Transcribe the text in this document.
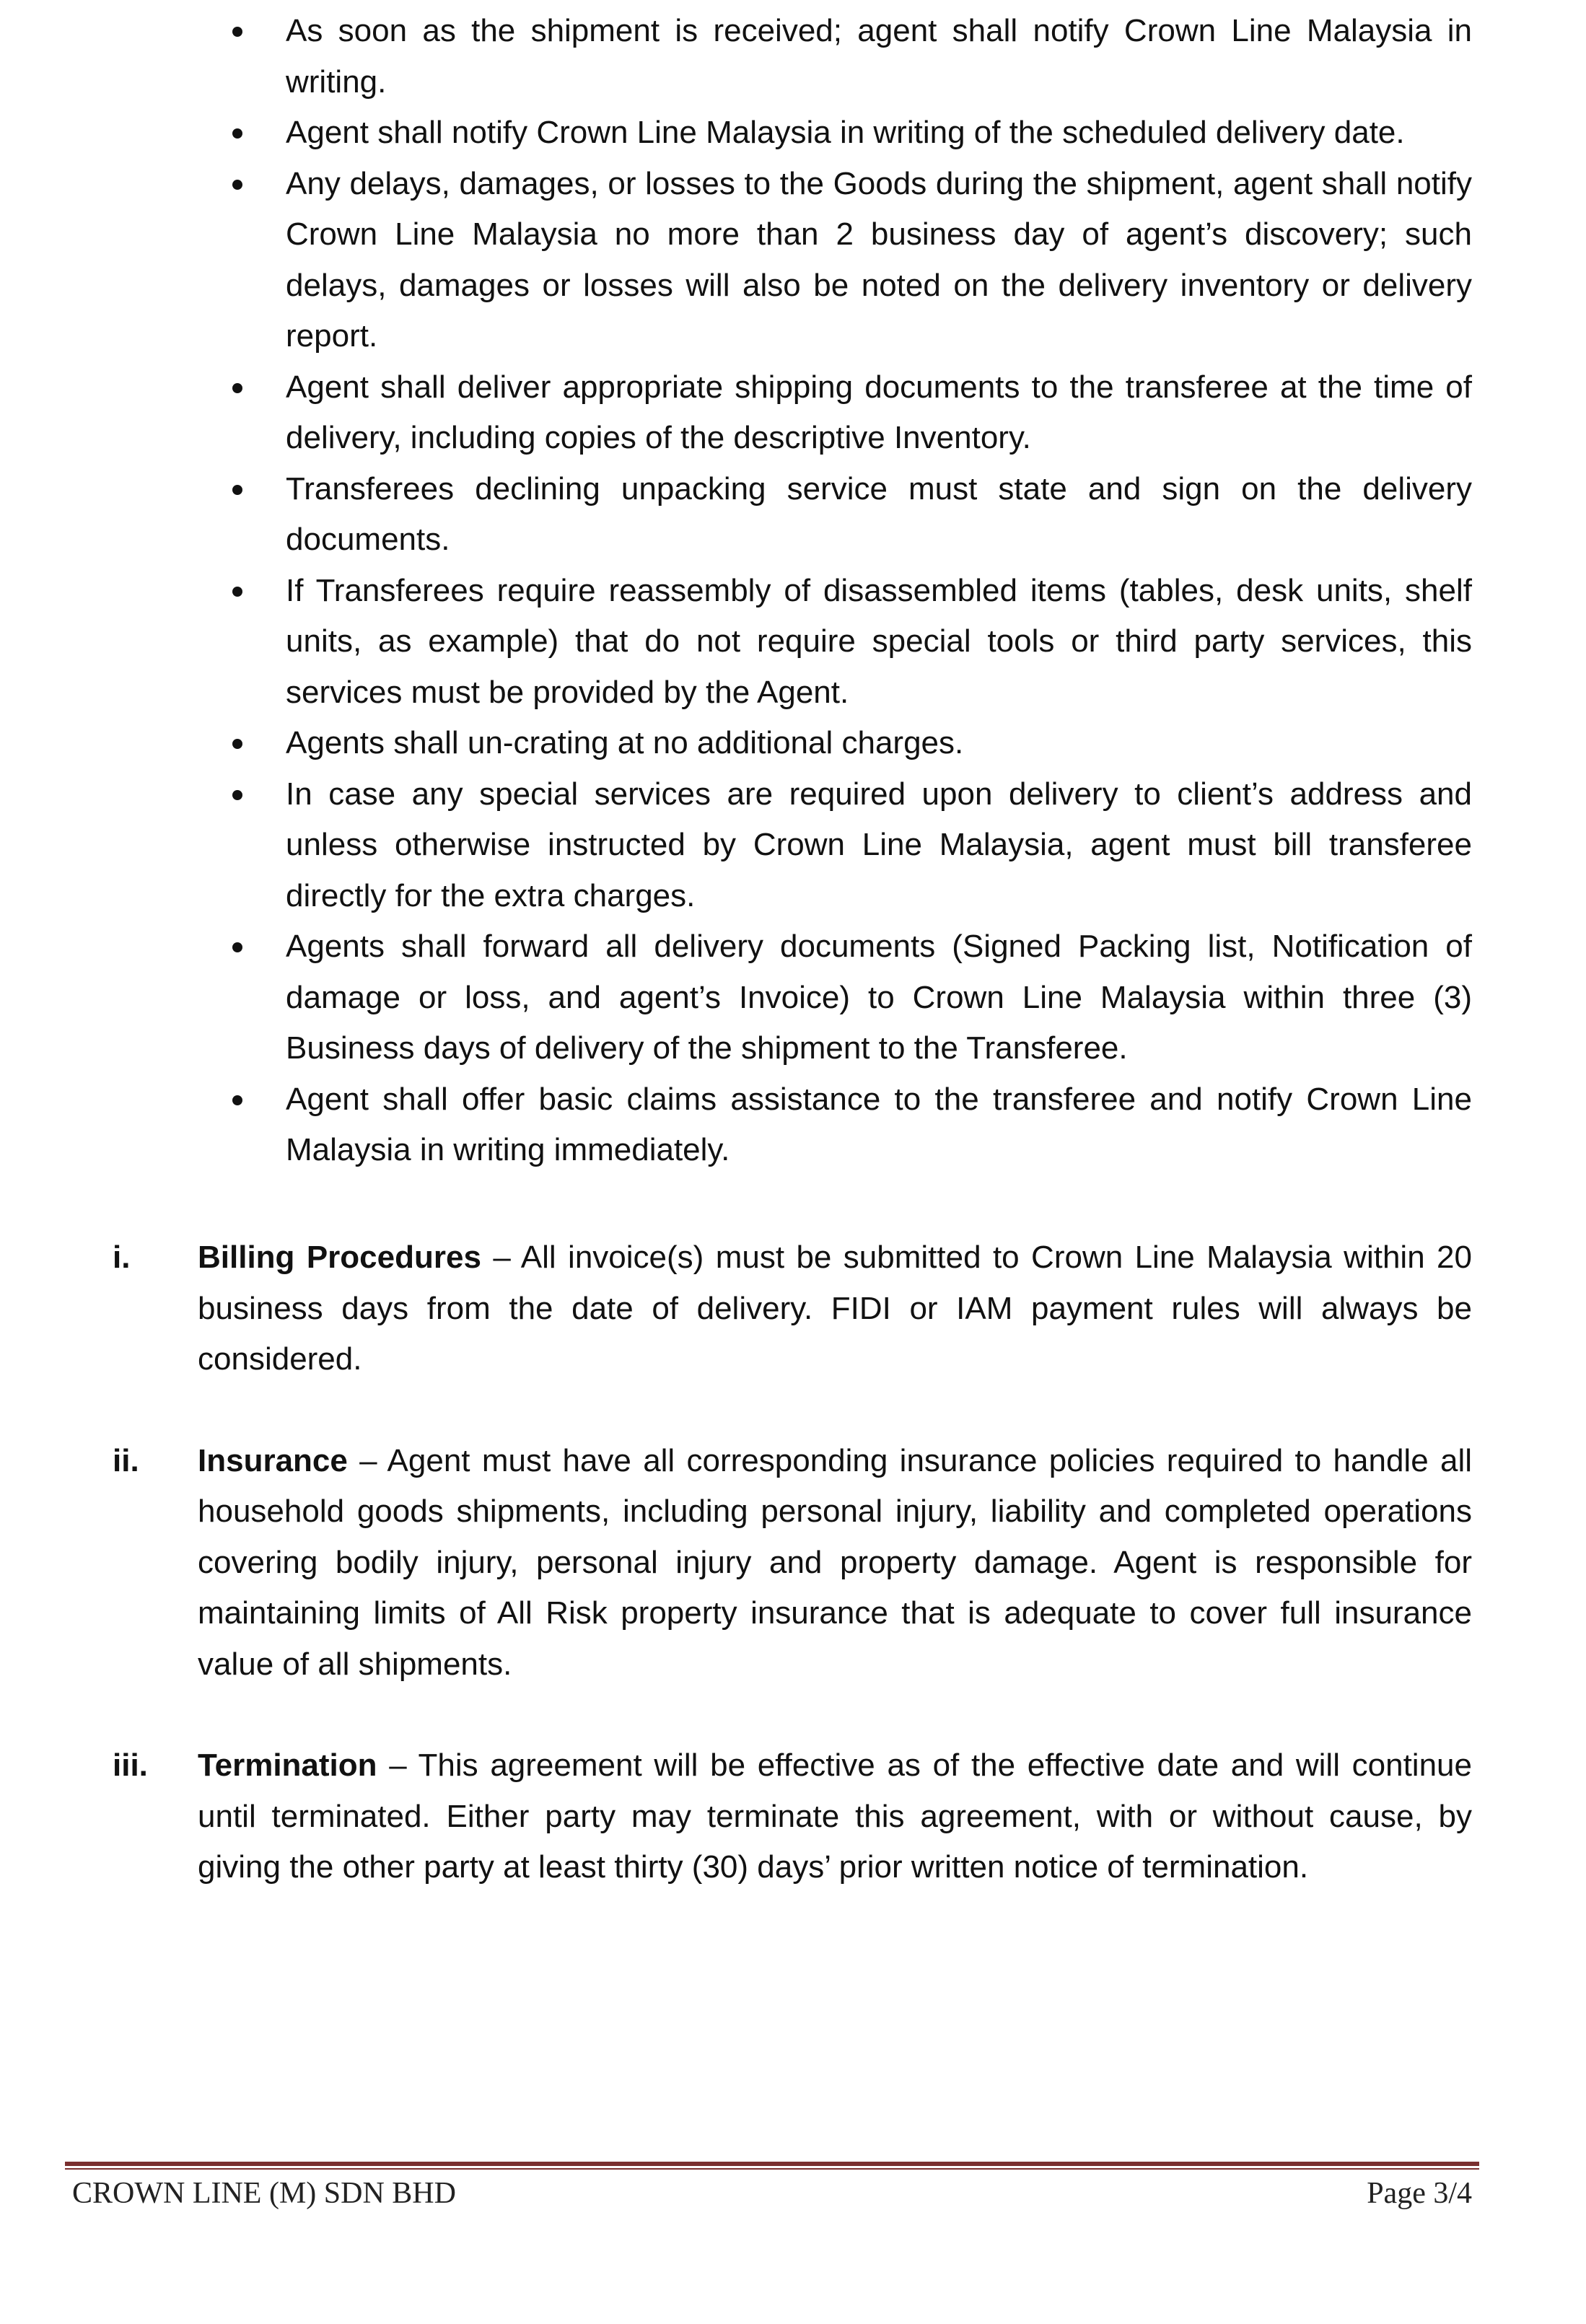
As soon as the shipment is received; agent shall notify Crown Line Malaysia in writing.
Agent shall notify Crown Line Malaysia in writing of the scheduled delivery date.
Any delays, damages, or losses to the Goods during the shipment, agent shall notify Crown Line Malaysia no more than 2 business day of agent’s discovery; such delays, damages or losses will also be noted on the delivery inventory or delivery report.
Agent shall deliver appropriate shipping documents to the transferee at the time of delivery, including copies of the descriptive Inventory.
Transferees declining unpacking service must state and sign on the delivery documents.
If Transferees require reassembly of disassembled items (tables, desk units, shelf units, as example) that do not require special tools or third party services, this services must be provided by the Agent.
Agents shall un-crating at no additional charges.
In case any special services are required upon delivery to client’s address and unless otherwise instructed by Crown Line Malaysia, agent must bill transferee directly for the extra charges.
Agents shall forward all delivery documents (Signed Packing list, Notification of damage or loss, and agent’s Invoice) to Crown Line Malaysia within three (3) Business days of delivery of the shipment to the Transferee.
Agent shall offer basic claims assistance to the transferee and notify Crown Line Malaysia in writing immediately.
i. Billing Procedures – All invoice(s) must be submitted to Crown Line Malaysia within 20 business days from the date of delivery. FIDI or IAM payment rules will always be considered.
ii. Insurance – Agent must have all corresponding insurance policies required to handle all household goods shipments, including personal injury, liability and completed operations covering bodily injury, personal injury and property damage. Agent is responsible for maintaining limits of All Risk property insurance that is adequate to cover full insurance value of all shipments.
iii. Termination – This agreement will be effective as of the effective date and will continue until terminated. Either party may terminate this agreement, with or without cause, by giving the other party at least thirty (30) days’ prior written notice of termination.
CROWN LINE (M) SDN BHD	Page 3/4
